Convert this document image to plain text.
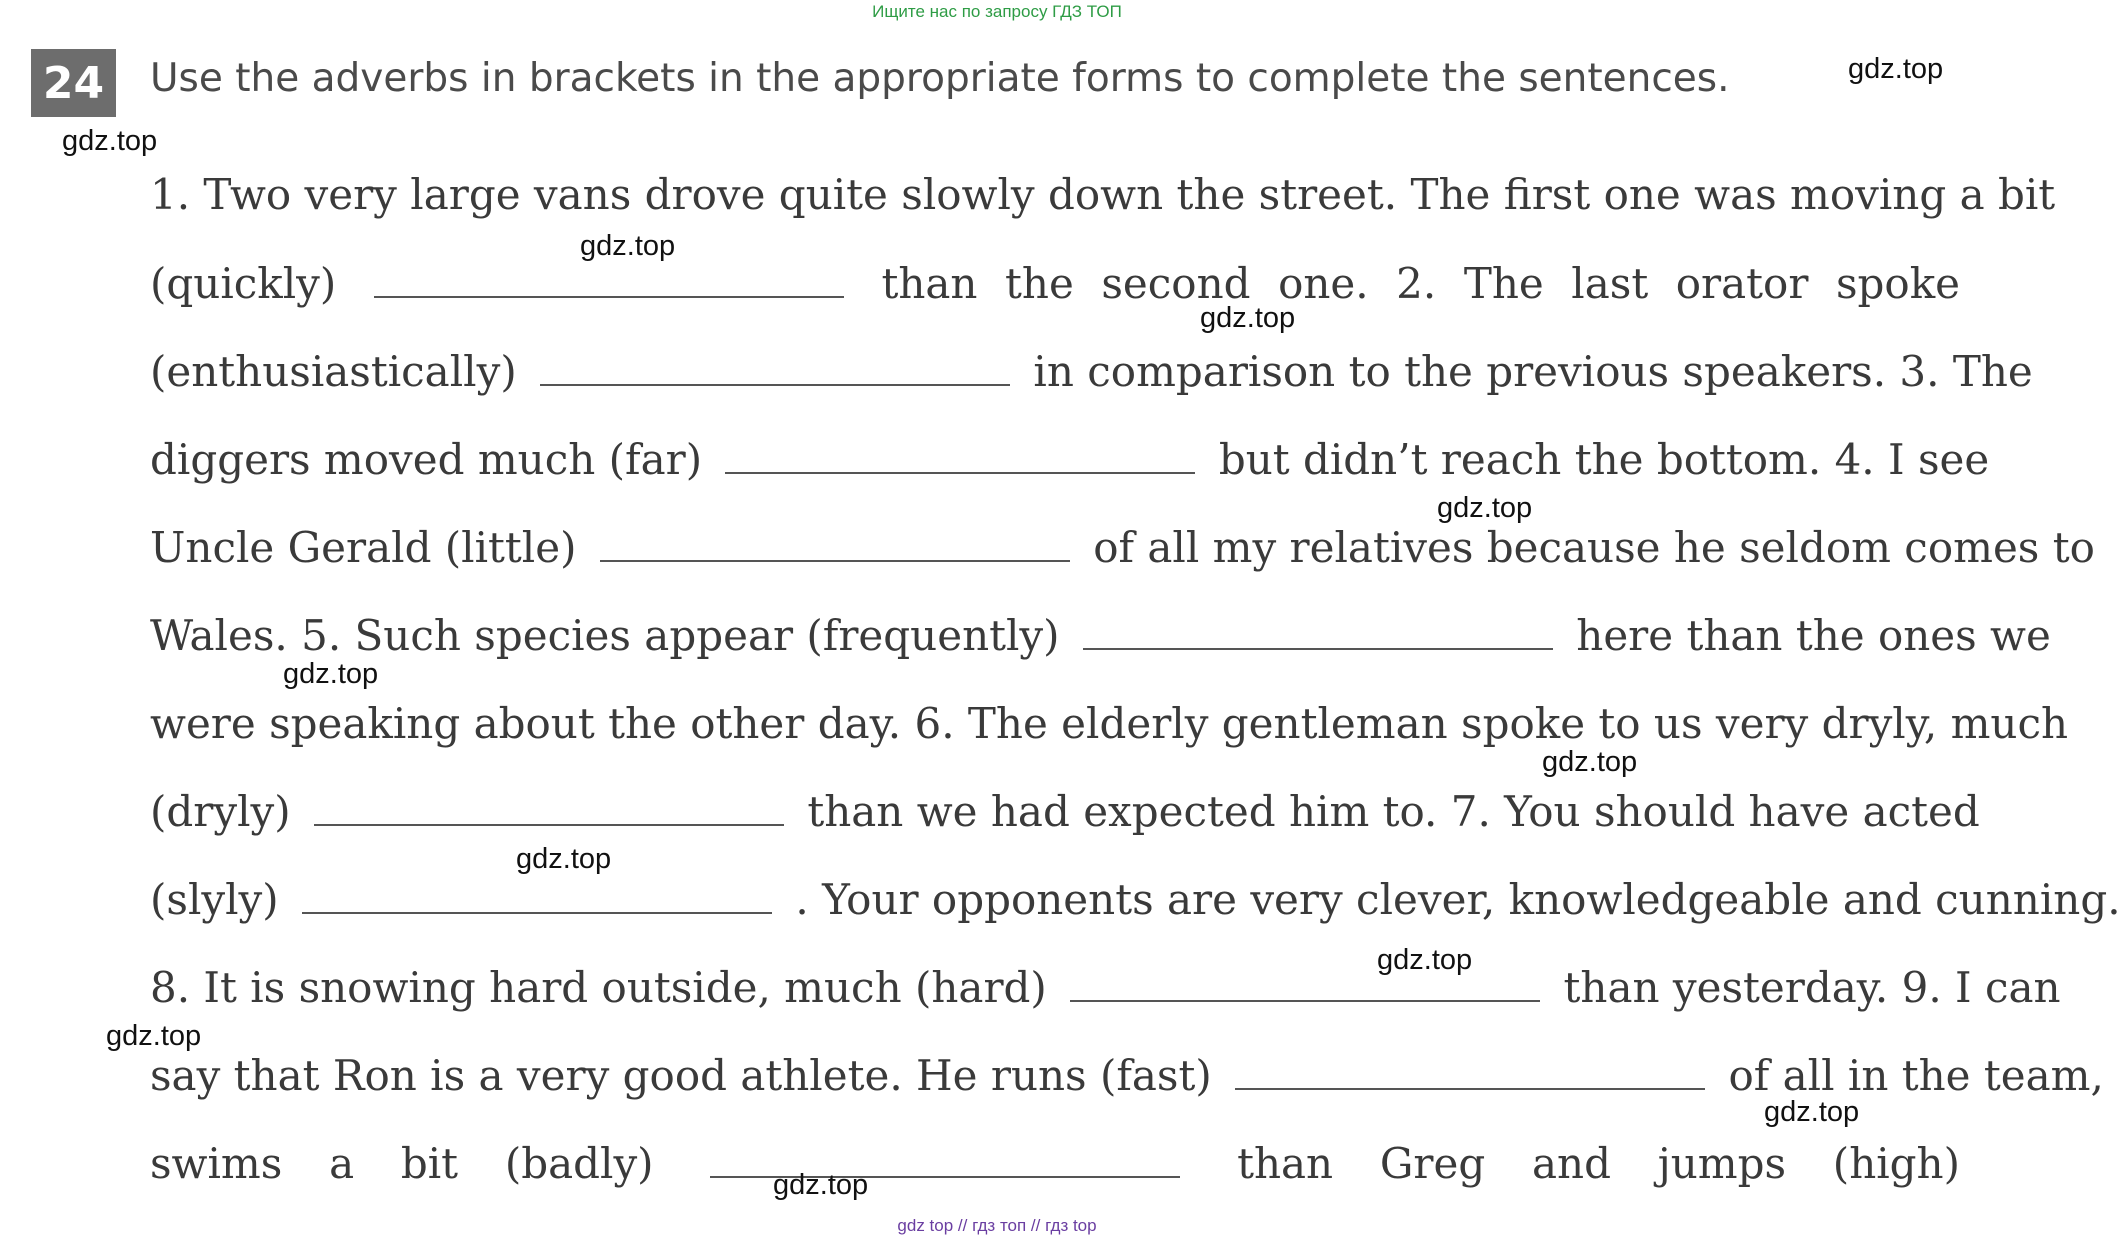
Ищите нас по запросу ГДЗ ТОП
24	Use the adverbs in brackets in the appropriate forms to complete the sentences.
1. Two very large vans drove quite slowly down the street. The first one was moving a bit
(quickly)	than the second one. 2. The last orator spoke
(enthusiastically)	in comparison to the previous speakers. 3. The
diggers moved much (far)	but didn’t reach the bottom. 4. I see
Uncle Gerald (little)	of all my relatives because he seldom comes to
Wales. 5. Such species appear (frequently)	here than the ones we
were speaking about the other day. 6. The elderly gentleman spoke to us very dryly, much
(dryly)	than we had expected him to. 7. You should have acted
(slyly)	. Your opponents are very clever, knowledgeable and cunning.
8. It is snowing hard outside, much (hard)	than yesterday. 9. I can
say that Ron is a very good athlete. He runs (fast)	of all in the team,
swims a bit (badly)	than Greg and jumps (high)
gdz.top
gdz.top
gdz.top
gdz.top
gdz.top
gdz.top
gdz.top
gdz.top
gdz.top
gdz.top
gdz.top
gdz.top
gdz top // гдз топ // гдз top
